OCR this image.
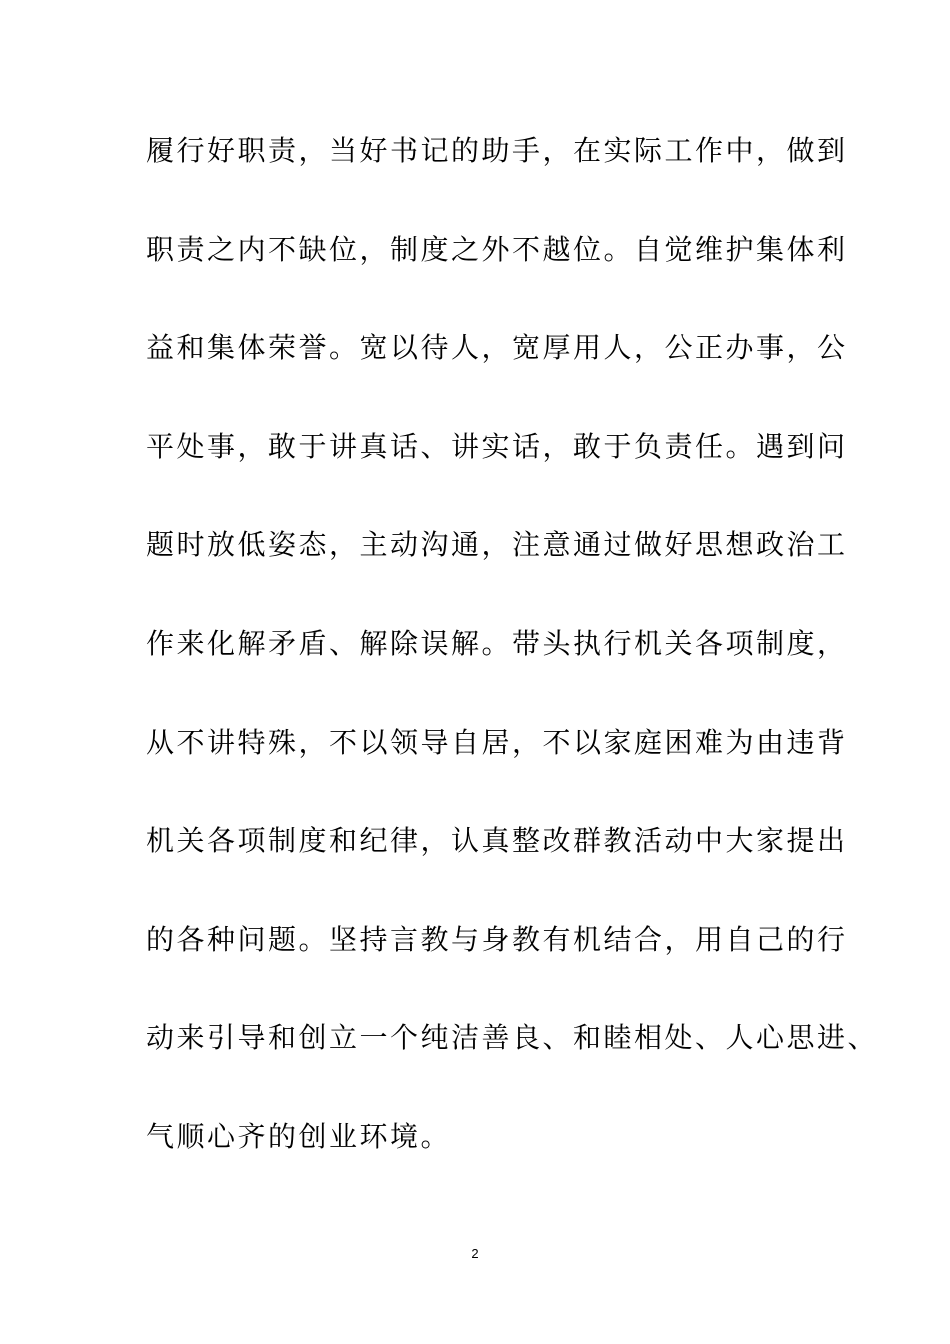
履行好职责，当好书记的助手，在实际工作中，做到
职责之内不缺位，制度之外不越位。自觉维护集体利
益和集体荣誉。宽以待人，宽厚用人，公正办事，公
平处事，敢于讲真话、讲实话，敢于负责任。遇到问
题时放低姿态，主动沟通，注意通过做好思想政治工
作来化解矛盾、解除误解。带头执行机关各项制度，
从不讲特殊，不以领导自居，不以家庭困难为由违背
机关各项制度和纪律，认真整改群教活动中大家提出
的各种问题。坚持言教与身教有机结合，用自己的行
动来引导和创立一个纯洁善良、和睦相处、人心思进、
气顺心齐的创业环境。
2
